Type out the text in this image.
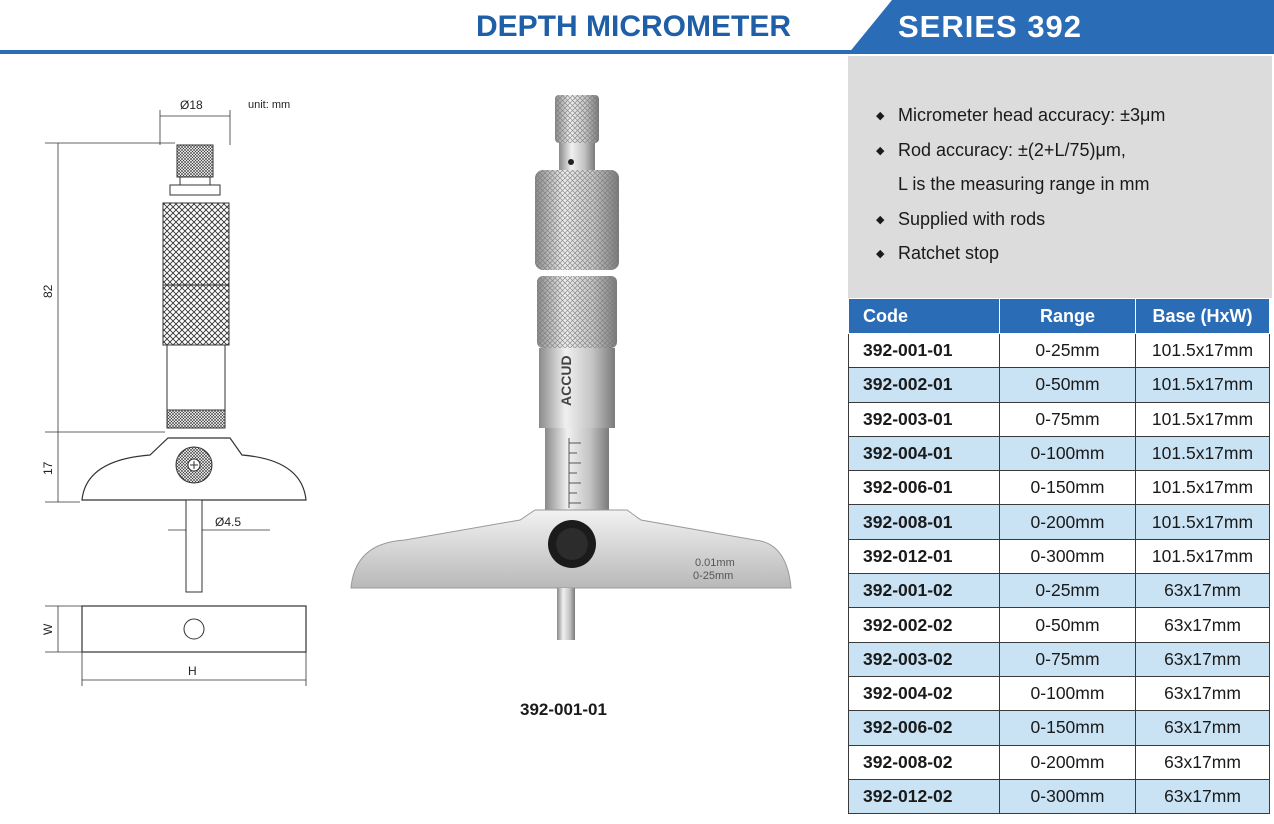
DEPTH MICROMETER	SERIES 392
Ø18	unit: mm
Ø4.5
82
17
W
H
ACCUD
0.01mm
0-25mm
392-001-01
◆ Micrometer head accuracy: ±3μm
◆ Rod accuracy: ±(2+L/75)μm,
L is the measuring range in mm
◆ Supplied with rods
◆ Ratchet stop
Code	Range	Base (HxW)
392-001-01	0-25mm	101.5x17mm
392-002-01	0-50mm	101.5x17mm
392-003-01	0-75mm	101.5x17mm
392-004-01	0-100mm	101.5x17mm
392-006-01	0-150mm	101.5x17mm
392-008-01	0-200mm	101.5x17mm
392-012-01	0-300mm	101.5x17mm
392-001-02	0-25mm	63x17mm
392-002-02	0-50mm	63x17mm
392-003-02	0-75mm	63x17mm
392-004-02	0-100mm	63x17mm
392-006-02	0-150mm	63x17mm
392-008-02	0-200mm	63x17mm
392-012-02	0-300mm	63x17mm
